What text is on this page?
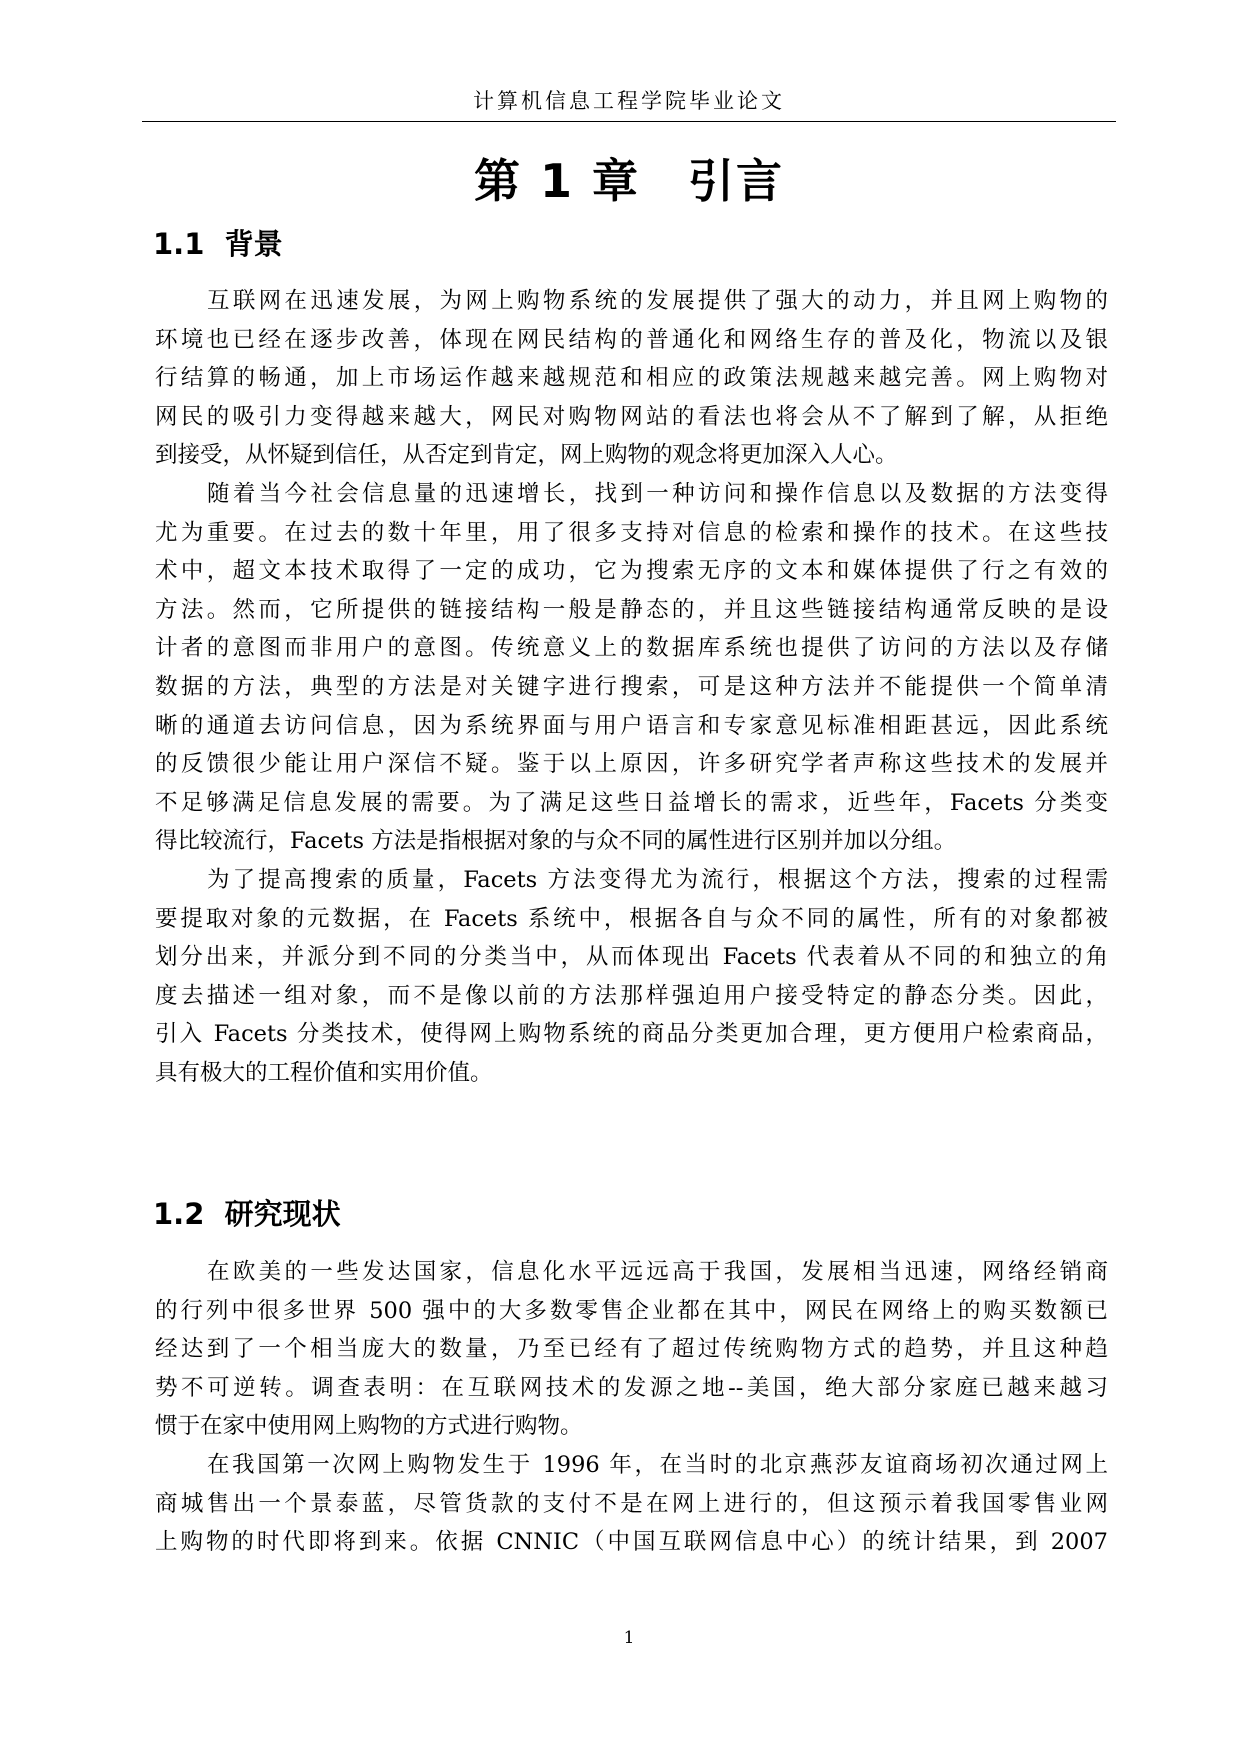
计算机信息工程学院毕业论文
第 1 章　引言
1.1  背景

互联网在迅速发展，为网上购物系统的发展提供了强大的动力，并且网上购物的

环境也已经在逐步改善，体现在网民结构的普通化和网络生存的普及化，物流以及银

行结算的畅通，加上市场运作越来越规范和相应的政策法规越来越完善。网上购物对

网民的吸引力变得越来越大，网民对购物网站的看法也将会从不了解到了解，从拒绝

到接受，从怀疑到信任，从否定到肯定，网上购物的观念将更加深入人心。

随着当今社会信息量的迅速增长，找到一种访问和操作信息以及数据的方法变得

尤为重要。在过去的数十年里，用了很多支持对信息的检索和操作的技术。在这些技

术中，超文本技术取得了一定的成功，它为搜索无序的文本和媒体提供了行之有效的

方法。然而，它所提供的链接结构一般是静态的，并且这些链接结构通常反映的是设

计者的意图而非用户的意图。传统意义上的数据库系统也提供了访问的方法以及存储

数据的方法，典型的方法是对关键字进行搜索，可是这种方法并不能提供一个简单清

晰的通道去访问信息，因为系统界面与用户语言和专家意见标准相距甚远，因此系统

的反馈很少能让用户深信不疑。鉴于以上原因，许多研究学者声称这些技术的发展并

不足够满足信息发展的需要。为了满足这些日益增长的需求，近些年，Facets 分类变

得比较流行，Facets 方法是指根据对象的与众不同的属性进行区别并加以分组。

为了提高搜索的质量，Facets 方法变得尤为流行，根据这个方法，搜索的过程需

要提取对象的元数据，在 Facets 系统中，根据各自与众不同的属性，所有的对象都被

划分出来，并派分到不同的分类当中，从而体现出 Facets 代表着从不同的和独立的角

度去描述一组对象，而不是像以前的方法那样强迫用户接受特定的静态分类。因此，

引入 Facets 分类技术，使得网上购物系统的商品分类更加合理，更方便用户检索商品，

具有极大的工程价值和实用价值。

1.2  研究现状

在欧美的一些发达国家，信息化水平远远高于我国，发展相当迅速，网络经销商

的行列中很多世界 500 强中的大多数零售企业都在其中，网民在网络上的购买数额已

经达到了一个相当庞大的数量，乃至已经有了超过传统购物方式的趋势，并且这种趋

势不可逆转。调查表明：在互联网技术的发源之地--美国，绝大部分家庭已越来越习

惯于在家中使用网上购物的方式进行购物。

在我国第一次网上购物发生于 1996 年，在当时的北京燕莎友谊商场初次通过网上

商城售出一个景泰蓝，尽管货款的支付不是在网上进行的，但这预示着我国零售业网

上购物的时代即将到来。依据 CNNIC（中国互联网信息中心）的统计结果，到 2007

1
